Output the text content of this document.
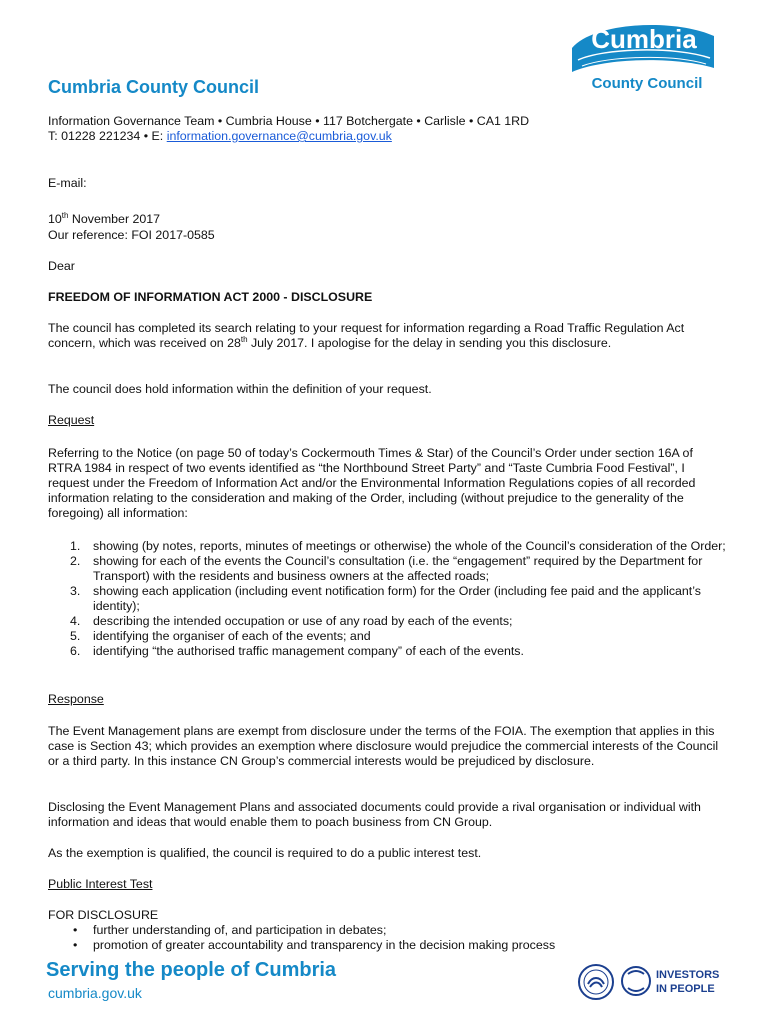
Cumbria
County Council
Cumbria County Council
Information Governance Team • Cumbria House • 117 Botchergate • Carlisle • CA1 1RD
T: 01228 221234 • E: information.governance@cumbria.gov.uk
E-mail:
10th November 2017
Our reference: FOI 2017-0585
Dear
FREEDOM OF INFORMATION ACT 2000 - DISCLOSURE
The council has completed its search relating to your request for information regarding a Road Traffic Regulation Act concern, which was received on 28th July 2017. I apologise for the delay in sending you this disclosure.
The council does hold information within the definition of your request.
Request
Referring to the Notice (on page 50 of today’s Cockermouth Times & Star) of the Council’s Order under section 16A of RTRA 1984 in respect of two events identified as “the Northbound Street Party” and “Taste Cumbria Food Festival”, I request under the Freedom of Information Act and/or the Environmental Information Regulations copies of all recorded information relating to the consideration and making of the Order, including (without prejudice to the generality of the foregoing) all information:
1. showing (by notes, reports, minutes of meetings or otherwise) the whole of the Council’s consideration of the Order;
2. showing for each of the events the Council’s consultation (i.e. the “engagement” required by the Department for Transport) with the residents and business owners at the affected roads;
3. showing each application (including event notification form) for the Order (including fee paid and the applicant’s identity);
4. describing the intended occupation or use of any road by each of the events;
5. identifying the organiser of each of the events; and
6. identifying “the authorised traffic management company” of each of the events.
Response
The Event Management plans are exempt from disclosure under the terms of the FOIA. The exemption that applies in this case is Section 43; which provides an exemption where disclosure would prejudice the commercial interests of the Council or a third party. In this instance CN Group’s commercial interests would be prejudiced by disclosure.
Disclosing the Event Management Plans and associated documents could provide a rival organisation or individual with information and ideas that would enable them to poach business from CN Group.
As the exemption is qualified, the council is required to do a public interest test.
Public Interest Test
FOR DISCLOSURE
• further understanding of, and participation in debates;
• promotion of greater accountability and transparency in the decision making process
Serving the people of Cumbria
cumbria.gov.uk
INVESTORS
IN PEOPLE
